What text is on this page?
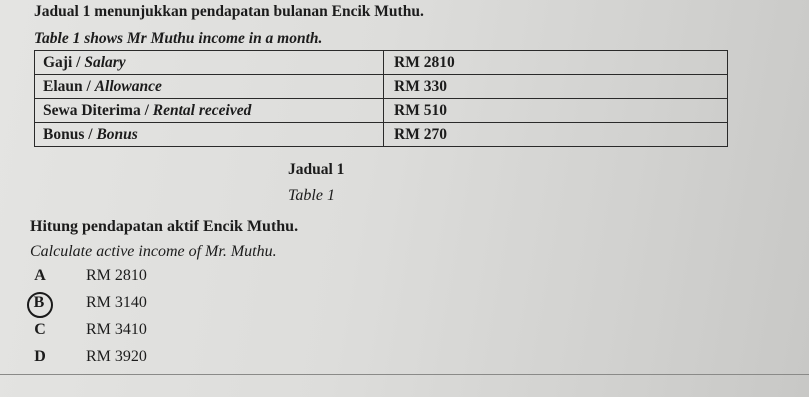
Jadual 1 menunjukkan pendapatan bulanan Encik Muthu.
Table 1 shows Mr Muthu income in a month.
Gaji / Salary	RM 2810
Elaun / Allowance	RM 330
Sewa Diterima / Rental received	RM 510
Bonus / Bonus	RM 270
Jadual 1
Table 1
Hitung pendapatan aktif Encik Muthu.
Calculate active income of Mr. Muthu.
A	RM 2810
B	RM 3140
C	RM 3410
D	RM 3920
